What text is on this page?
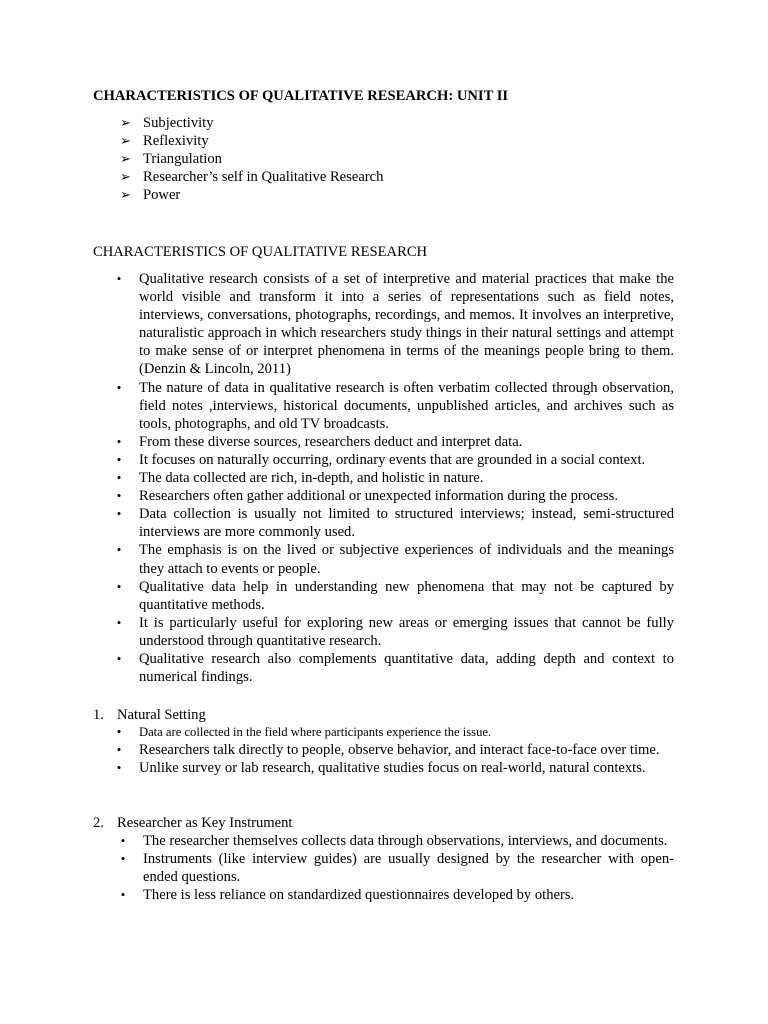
CHARACTERISTICS OF QUALITATIVE RESEARCH: UNIT II
➢ Subjectivity
➢ Reflexivity
➢ Triangulation
➢ Researcher’s self in Qualitative Research
➢ Power
CHARACTERISTICS OF QUALITATIVE RESEARCH
• Qualitative research consists of a set of interpretive and material practices that make the world visible and transform it into a series of representations such as field notes, interviews, conversations, photographs, recordings, and memos. It involves an interpretive, naturalistic approach in which researchers study things in their natural settings and attempt to make sense of or interpret phenomena in terms of the meanings people bring to them. (Denzin & Lincoln, 2011)
• The nature of data in qualitative research is often verbatim collected through observation, field notes ,interviews, historical documents, unpublished articles, and archives such as tools, photographs, and old TV broadcasts.
• From these diverse sources, researchers deduct and interpret data.
• It focuses on naturally occurring, ordinary events that are grounded in a social context.
• The data collected are rich, in-depth, and holistic in nature.
• Researchers often gather additional or unexpected information during the process.
• Data collection is usually not limited to structured interviews; instead, semi-structured interviews are more commonly used.
• The emphasis is on the lived or subjective experiences of individuals and the meanings they attach to events or people.
• Qualitative data help in understanding new phenomena that may not be captured by quantitative methods.
• It is particularly useful for exploring new areas or emerging issues that cannot be fully understood through quantitative research.
• Qualitative research also complements quantitative data, adding depth and context to numerical findings.
1. Natural Setting
• Data are collected in the field where participants experience the issue.
• Researchers talk directly to people, observe behavior, and interact face-to-face over time.
• Unlike survey or lab research, qualitative studies focus on real-world, natural contexts.
2. Researcher as Key Instrument
• The researcher themselves collects data through observations, interviews, and documents.
• Instruments (like interview guides) are usually designed by the researcher with open-ended questions.
• There is less reliance on standardized questionnaires developed by others.
